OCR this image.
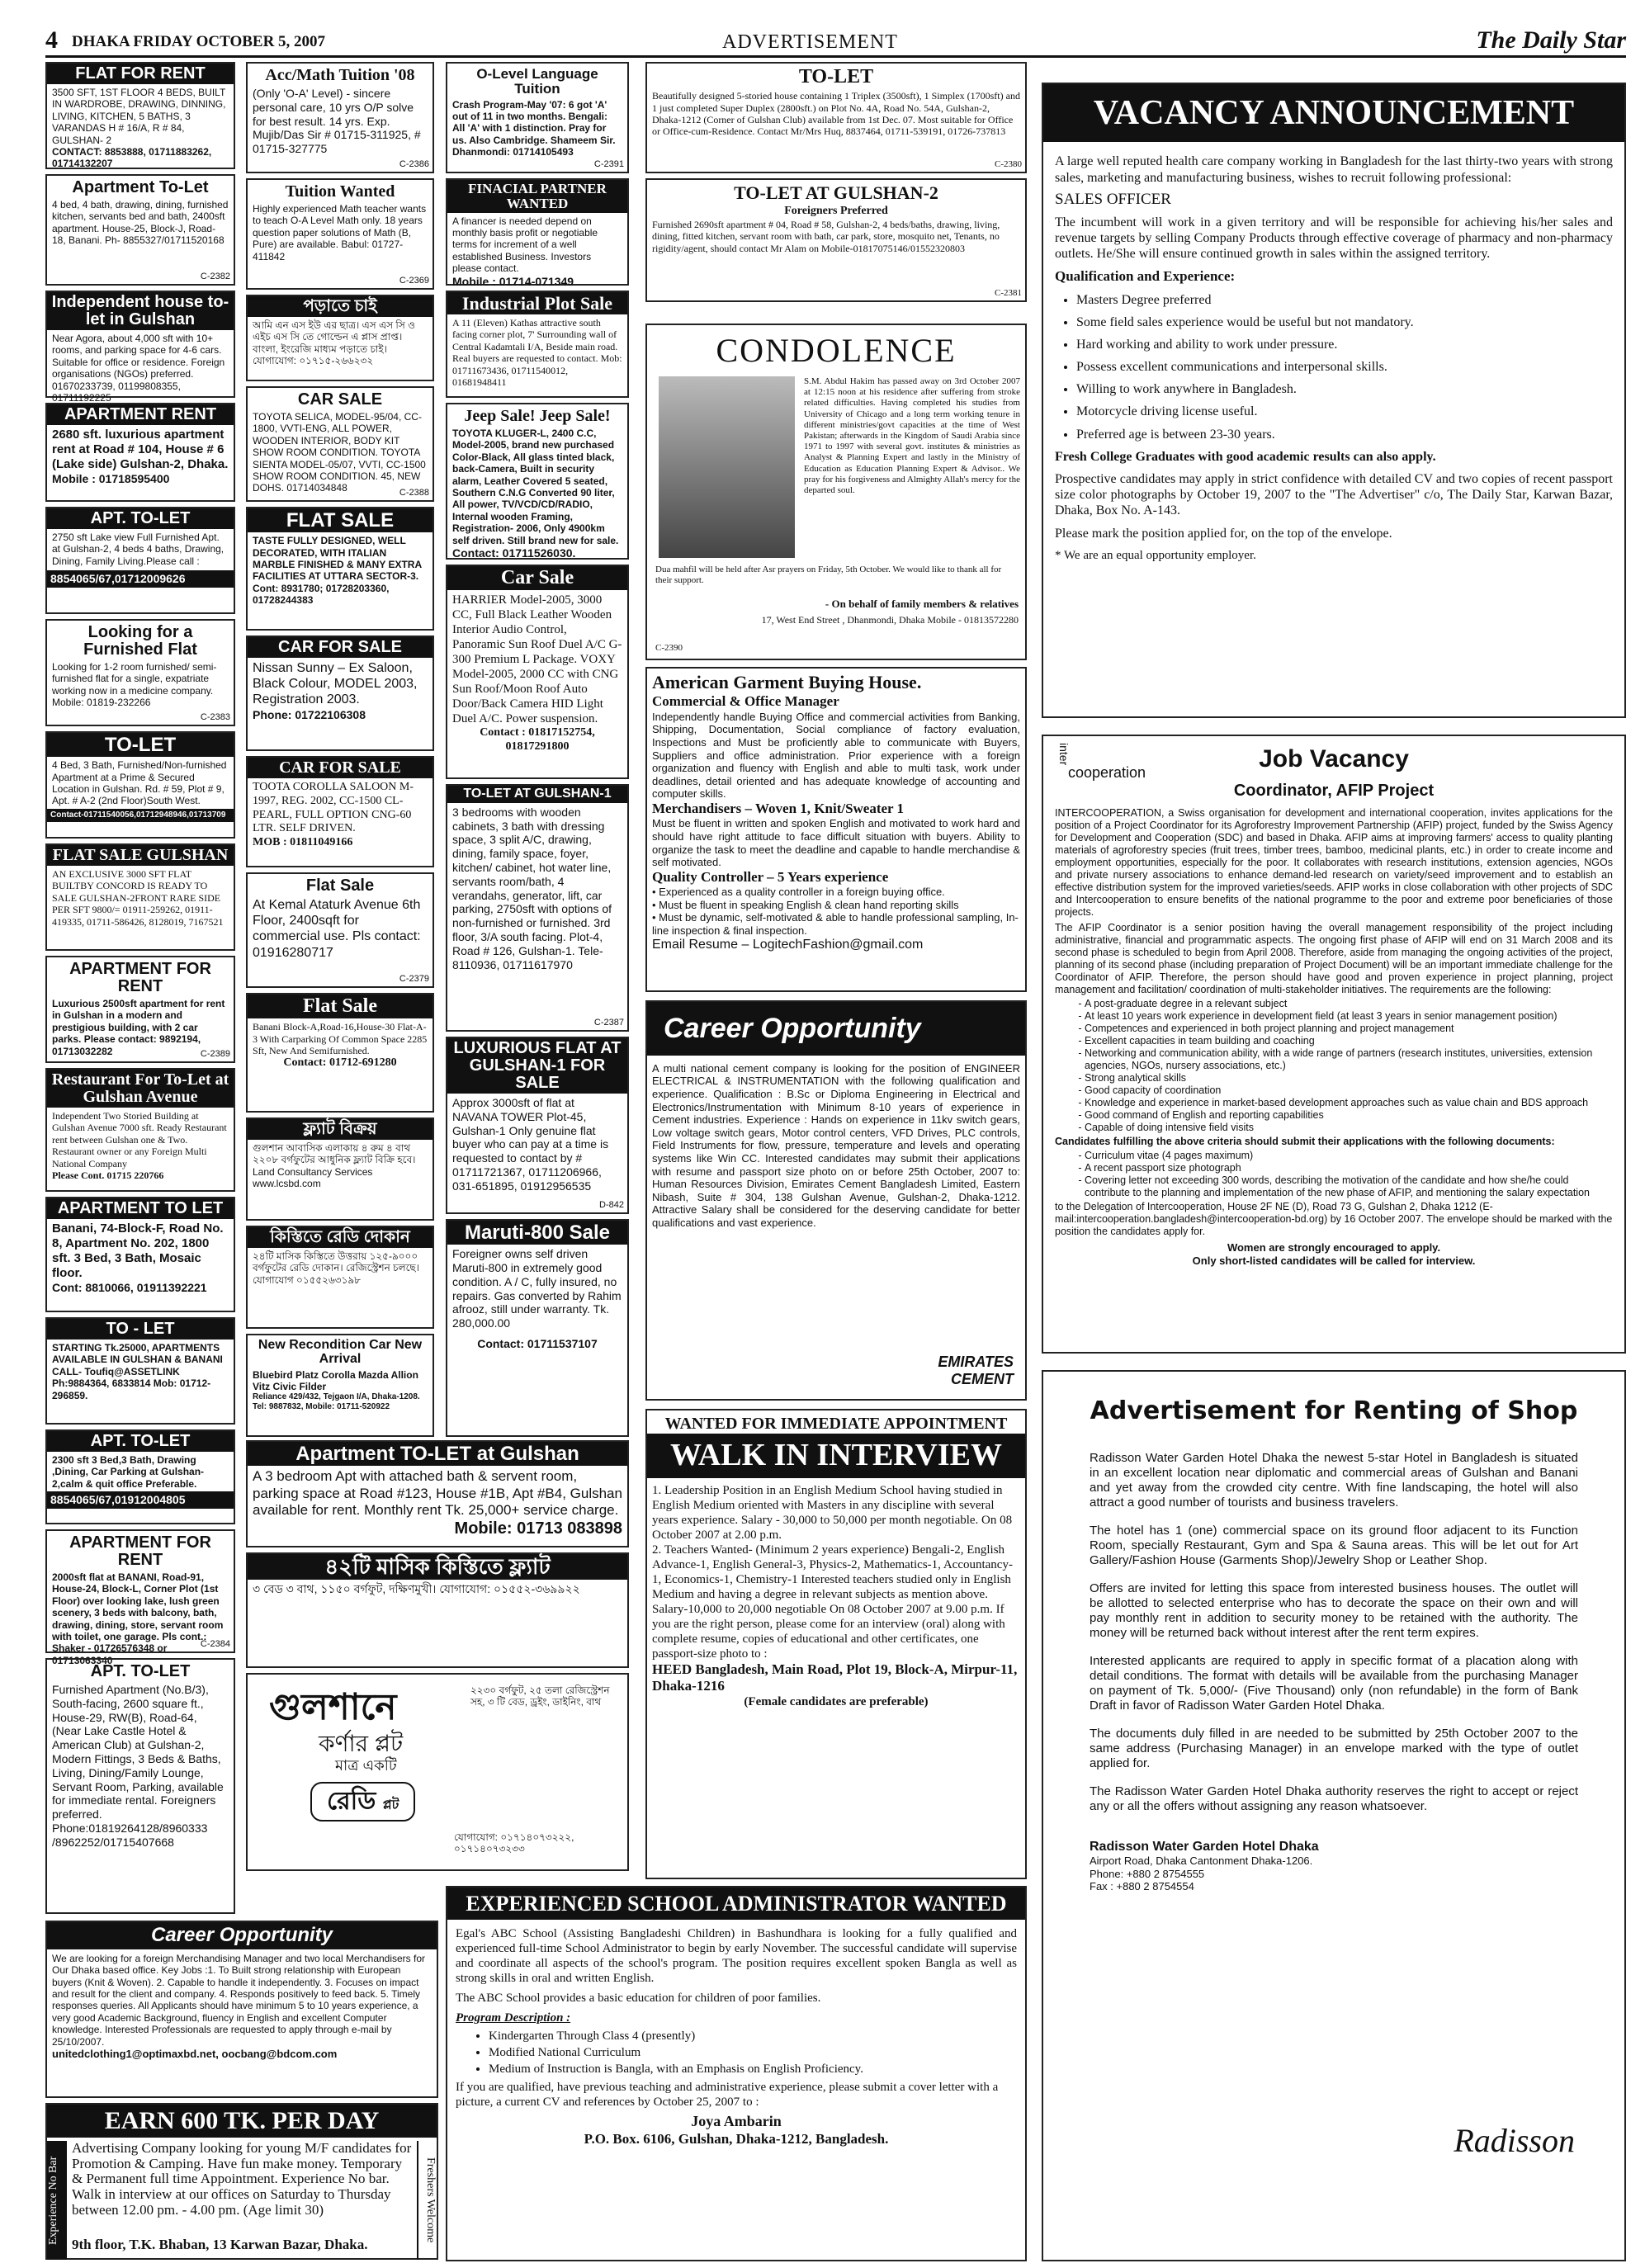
4 DHAKA FRIDAY OCTOBER 5, 2007	ADVERTISEMENT	The Daily Star
FLAT FOR RENT
3500 SFT, 1ST FLOOR 4 BEDS, BUILT IN WARDROBE, DRAWING, DINNING, LIVING, KITCHEN, 5 BATHS, 3 VARANDAS H # 16/A, R # 84, GULSHAN- 2
CONTACT: 8853888, 01711883262, 01714132207
Apartment To-Let
4 bed, 4 bath, drawing, dining, furnished kitchen, servants bed and bath, 2400sft apartment. House-25, Block-J, Road-18, Banani. Ph- 8855327/01711520168
C-2382
Independent house to-let in Gulshan
Near Agora, about 4,000 sft with 10+ rooms, and parking space for 4-6 cars. Suitable for office or residence. Foreign organisations (NGOs) preferred. 01670233739, 01199808355, 01711192225
APARTMENT RENT
2680 sft. luxurious apartment rent at Road # 104, House # 6 (Lake side) Gulshan-2, Dhaka.
Mobile : 01718595400
APT. TO-LET
2750 sft Lake view Full Furnished Apt. at Gulshan-2, 4 beds 4 baths, Drawing, Dining, Family Living.Please call :
8854065/67,01712009626
Looking for a Furnished Flat
Looking for 1-2 room furnished/ semi-furnished flat for a single, expatriate working now in a medicine company. Mobile: 01819-232266
C-2383
TO-LET
4 Bed, 3 Bath, Furnished/Non-furnished Apartment at a Prime & Secured Location in Gulshan. Rd. # 59, Plot # 9, Apt. # A-2 (2nd Floor)South West.
Contact-01711540056,01712948946,01713709
FLAT SALE GULSHAN
AN EXCLUSIVE 3000 SFT FLAT BUILTBY CONCORD IS READY TO SALE GULSHAN-2FRONT RARE SIDE PER SFT 9800/= 01911-259262, 01911-419335, 01711-586426, 8128019, 7167521
APARTMENT FOR RENT
Luxurious 2500sft apartment for rent in Gulshan in a modern and prestigious building, with 2 car parks. Please contact: 9892194, 01713032282	C-2389
Restaurant For To-Let at Gulshan Avenue
Independent Two Storied Building at Gulshan Avenue 7000 sft. Ready Restaurant rent between Gulshan one & Two. Restaurant owner or any Foreign Multi National Company
Please Cont. 01715 220766
APARTMENT TO LET
Banani, 74-Block-F, Road No. 8, Apartment No. 202, 1800 sft. 3 Bed, 3 Bath, Mosaic floor.
Cont: 8810066, 01911392221
TO - LET
STARTING Tk.25000, APARTMENTS AVAILABLE IN GULSHAN & BANANI CALL- Toufiq@ASSETLINK Ph:9884364, 6833814 Mob: 01712-296859.
APT. TO-LET
2300 sft 3 Bed,3 Bath, Drawing ,Dining, Car Parking at Gulshan-2,calm & quit office Preferable.
8854065/67,01912004805
APARTMENT FOR RENT
2000sft flat at BANANI, Road-91, House-24, Block-L, Corner Plot (1st Floor) over looking lake, lush green scenery, 3 beds with balcony, bath, drawing, dining, store, servant room with toilet, one garage. Pls cont.: Shaker - 01726576348 or 01713063340
C-2384
APT. TO-LET
Furnished Apartment (No.B/3), South-facing, 2600 square ft., House-29, RW(B), Road-64, (Near Lake Castle Hotel & American Club) at Gulshan-2, Modern Fittings, 3 Beds & Baths, Living, Dining/Family Lounge, Servant Room, Parking, available for immediate rental. Foreigners preferred. Phone:01819264128/8960333 /8962252/01715407668
Acc/Math Tuition '08
(Only 'O-A' Level) - sincere personal care, 10 yrs O/P solve for best result. 14 yrs. Exp. Mujib/Das Sir # 01715-311925, # 01715-327775
C-2386
Tuition Wanted
Highly experienced Math teacher wants to teach O-A Level Math only. 18 years question paper solutions of Math (B, Pure) are available. Babul: 01727-411842
C-2369
পড়াতে চাই
আমি এন এস ইউ এর ছাত্র। এস এস সি ও এইচ এস সি তে গোল্ডেন এ প্লাস প্রাপ্ত। বাংলা, ইংরেজি মাধ্যম পড়াতে চাই। যোগাযোগ: ০১৭১৫-২৬৬২৩২
CAR SALE
TOYOTA SELICA, MODEL-95/04, CC-1800, VVTI-ENG, ALL POWER, WOODEN INTERIOR, BODY KIT SHOW ROOM CONDITION. TOYOTA SIENTA MODEL-05/07, VVTI, CC-1500 SHOW ROOM CONDITION. 45, NEW DOHS. 01714034848	C-2388
FLAT SALE
TASTE FULLY DESIGNED, WELL DECORATED, WITH ITALIAN MARBLE FINISHED & MANY EXTRA FACILITIES AT UTTARA SECTOR-3.
Cont: 8931780; 01728203360, 01728244383
CAR FOR SALE
Nissan Sunny – Ex Saloon, Black Colour, MODEL 2003, Registration 2003.
Phone: 01722106308
CAR FOR SALE
TOOTA COROLLA SALOON M-1997, REG. 2002, CC-1500 CL-PEARL, FULL OPTION CNG-60 LTR. SELF DRIVEN.
MOB : 01811049166
Flat Sale
At Kemal Ataturk Avenue 6th Floor, 2400sqft for commercial use. Pls contact: 01916280717
C-2379
Flat Sale
Banani Block-A,Road-16,House-30 Flat-A-3 With Carparking Of Common Space 2285 Sft, New And Semifurnished.
Contact: 01712-691280
ফ্ল্যাট বিক্রয়
গুলশান আবাসিক এলাকায় ৪ রুম ৪ বাথ ২২০৮ বর্গফুটের আধুনিক ফ্ল্যাট বিক্রি হবে। Land Consultancy Services www.lcsbd.com
কিস্তিতে রেডি দোকান
২৪টি মাসিক কিস্তিতে উত্তরায় ১২৫-৯০০০ বর্গফুটের রেডি দোকান। রেজিস্ট্রেশন চলছে। যোগাযোগ ০১৫৫২৬৩১৯৮
New Recondition Car New Arrival
Bluebird Platz Corolla Mazda Allion Vitz Civic Filder
Reliance 429/432, Tejgaon I/A, Dhaka-1208. Tel: 9887832, Mobile: 01711-520922
O-Level Language Tuition
Crash Program-May '07: 6 got 'A' out of 11 in two months. Bengali: All 'A' with 1 distinction. Pray for us. Also Cambridge. Shameem Sir. Dhanmondi: 01714105493
C-2391
FINACIAL PARTNER WANTED
A financer is needed depend on monthly basis profit or negotiable terms for increment of a well established Business. Investors please contact.
Mobile : 01714-071349
Industrial Plot Sale
A 11 (Eleven) Kathas attractive south facing corner plot, 7' Surrounding wall of Central Kadamtali I/A, Beside main road. Real buyers are requested to contact. Mob: 01711673436, 01711540012, 01681948411
Jeep Sale! Jeep Sale!
TOYOTA KLUGER-L, 2400 C.C, Model-2005, brand new purchased Color-Black, All glass tinted black, back-Camera, Built in security alarm, Leather Covered 5 seated, Southern C.N.G Converted 90 liter, All power, TV/VCD/CD/RADIO, Internal wooden Framing, Registration- 2006, Only 4900km self driven. Still brand new for sale.
Contact: 01711526030.
Car Sale
HARRIER Model-2005, 3000 CC, Full Black Leather Wooden Interior Audio Control, Panoramic Sun Roof Duel A/C G-300 Premium L Package. VOXY Model-2005, 2000 CC with CNG Sun Roof/Moon Roof Auto Door/Back Camera HID Light Duel A/C. Power suspension.
Contact : 01817152754, 01817291800
TO-LET AT GULSHAN-1
3 bedrooms with wooden cabinets, 3 bath with dressing space, 3 split A/C, drawing, dining, family space, foyer, kitchen/ cabinet, hot water line, servants room/bath, 4 verandahs, generator, lift, car parking, 2750sft with options of non-furnished or furnished. 3rd floor, 3/A south facing. Plot-4, Road # 126, Gulshan-1. Tele-8110936, 01711617970
C-2387
LUXURIOUS FLAT AT GULSHAN-1 FOR SALE
Approx 3000sft of flat at NAVANA TOWER Plot-45, Gulshan-1 Only genuine flat buyer who can pay at a time is requested to contact by # 01711721367, 01711206966, 031-651895, 01912956535
D-842
Maruti-800 Sale
Foreigner owns self driven Maruti-800 in extremely good condition. A / C, fully insured, no repairs. Gas converted by Rahim afrooz, still under warranty. Tk. 280,000.00
Contact: 01711537107
Apartment TO-LET at Gulshan
A 3 bedroom Apt with attached bath & servent room, parking space at Road #123, House #1B, Apt #B4, Gulshan available for rent. Monthly rent Tk. 25,000+ service charge.
Mobile: 01713 083898
৪২টি মাসিক কিস্তিতে ফ্ল্যাট
৩ বেড ৩ বাথ, ১১৫০ বর্গফুট, দক্ষিণমুখী। যোগাযোগ: ০১৫৫২-৩৬৯৯২২
গুলশানে
কর্ণার প্লট
মাত্র একটি
রেডি প্লট
২২৩০ বর্গফুট, ২৫ তলা রেজিস্ট্রেশন সহ, ৩ টি বেড, ড্রইং, ডাইনিং, বাথ
যোগাযোগ: ০১৭১৪০৭৩২২২, ০১৭১৪০৭৩২৩৩
TO-LET
Beautifully designed 5-storied house containing 1 Triplex (3500sft), 1 Simplex (1700sft) and 1 just completed Super Duplex (2800sft.) on Plot No. 4A, Road No. 54A, Gulshan-2, Dhaka-1212 (Corner of Gulshan Club) available from 1st Dec. 07. Most suitable for Office or Office-cum-Residence. Contact Mr/Mrs Huq, 8837464, 01711-539191, 01726-737813
C-2380
TO-LET AT GULSHAN-2
Foreigners Preferred
Furnished 2690sft apartment # 04, Road # 58, Gulshan-2, 4 beds/baths, drawing, living, dining, fitted kitchen, servant room with bath, car park, store, mosquito net, Tenants, no rigidity/agent, should contact Mr Alam on Mobile-01817075146/01552320803
C-2381
CONDOLENCE
S.M. Abdul Hakim has passed away on 3rd October 2007 at 12:15 noon at his residence after suffering from stroke related difficulties. Having completed his studies from University of Chicago and a long term working tenure in different ministries/govt capacities at the time of West Pakistan; afterwards in the Kingdom of Saudi Arabia since 1971 to 1997 with several govt. institutes & ministries as Analyst & Planning Expert and lastly in the Ministry of Education as Education Planning Expert & Advisor.. We pray for his forgiveness and Almighty Allah's mercy for the departed soul.
Dua mahfil will be held after Asr prayers on Friday, 5th October. We would like to thank all for their support.
- On behalf of family members & relatives
17, West End Street , Dhanmondi, Dhaka Mobile - 01813572280
C-2390
American Garment Buying House.
Commercial & Office Manager
Independently handle Buying Office and commercial activities from Banking, Shipping, Documentation, Social compliance of factory evaluation, Inspections and Must be proficiently able to communicate with Buyers, Suppliers and office administration. Prior experience with a foreign organization and fluency with English and able to multi task, work under deadlines, detail oriented and has adequate knowledge of accounting and computer skills.
Merchandisers – Woven 1, Knit/Sweater 1
Must be fluent in written and spoken English and motivated to work hard and should have right attitude to face difficult situation with buyers. Ability to organize the task to meet the deadline and capable to handle merchandise & self motivated.
Quality Controller – 5 Years experience
• Experienced as a quality controller in a foreign buying office.
• Must be fluent in speaking English & clean hand reporting skills
• Must be dynamic, self-motivated & able to handle professional sampling, In-line inspection & final inspection.
Email Resume – LogitechFashion@gmail.com
Career Opportunity
A multi national cement company is looking for the position of ENGINEER ELECTRICAL & INSTRUMENTATION with the following qualification and experience. Qualification : B.Sc or Diploma Engineering in Electrical and Electronics/Instrumentation with Minimum 8-10 years of experience in Cement industries. Experience : Hands on experience in 11kv switch gears, Low voltage switch gears, Motor control centers, VFD Drives, PLC controls, Field Instruments for flow, pressure, temperature and levels and operating systems like Win CC. Interested candidates may submit their applications with resume and passport size photo on or before 25th October, 2007 to: Human Resources Division, Emirates Cement Bangladesh Limited, Eastern Nibash, Suite # 304, 138 Gulshan Avenue, Gulshan-2, Dhaka-1212. Attractive Salary shall be considered for the deserving candidate for better qualifications and vast experience.
EMIRATES CEMENT
WANTED FOR IMMEDIATE APPOINTMENT
WALK IN INTERVIEW
1. Leadership Position in an English Medium School having studied in English Medium oriented with Masters in any discipline with several years experience. Salary - 30,000 to 50,000 per month negotiable. On 08 October 2007 at 2.00 p.m.
2. Teachers Wanted- (Minimum 2 years experience) Bengali-2, English Advance-1, English General-3, Physics-2, Mathematics-1, Accountancy-1, Economics-1, Chemistry-1 Interested teachers studied only in English Medium and having a degree in relevant subjects as mention above. Salary-10,000 to 20,000 negotiable On 08 October 2007 at 9.00 p.m. If you are the right person, please come for an interview (oral) along with complete resume, copies of educational and other certificates, one passport-size photo to :
HEED Bangladesh, Main Road, Plot 19, Block-A, Mirpur-11, Dhaka-1216
(Female candidates are preferable)
VACANCY ANNOUNCEMENT
A large well reputed health care company working in Bangladesh for the last thirty-two years with strong sales, marketing and manufacturing business, wishes to recruit following professional:
SALES OFFICER
The incumbent will work in a given territory and will be responsible for achieving his/her sales and revenue targets by selling Company Products through effective coverage of pharmacy and non-pharmacy outlets. He/She will ensure continued growth in sales within the assigned territory.
Qualification and Experience:
• Masters Degree preferred
• Some field sales experience would be useful but not mandatory.
• Hard working and ability to work under pressure.
• Possess excellent communications and interpersonal skills.
• Willing to work anywhere in Bangladesh.
• Motorcycle driving license useful.
• Preferred age is between 23-30 years.
Fresh College Graduates with good academic results can also apply.
Prospective candidates may apply in strict confidence with detailed CV and two copies of recent passport size color photographs by October 19, 2007 to the "The Advertiser" c/o, The Daily Star, Karwan Bazar, Dhaka, Box No. A-143.
Please mark the position applied for, on the top of the envelope.
* We are an equal opportunity employer.
inter
cooperation	Job Vacancy
Coordinator, AFIP Project
INTERCOOPERATION, a Swiss organisation for development and international cooperation, invites applications for the position of a Project Coordinator for its Agroforestry Improvement Partnership (AFIP) project, funded by the Swiss Agency for Development and Cooperation (SDC) and based in Dhaka. AFIP aims at improving farmers' access to quality planting materials of agroforestry species (fruit trees, timber trees, bamboo, medicinal plants, etc.) in order to create income and employment opportunities, especially for the poor. It collaborates with research institutions, extension agencies, NGOs and private nursery associations to enhance demand-led research on variety/seed improvement and to establish an effective distribution system for the improved varieties/seeds. AFIP works in close collaboration with other projects of SDC and Intercooperation to ensure benefits of the national programme to the poor and extreme poor beneficiaries of those projects.
The AFIP Coordinator is a senior position having the overall management responsibility of the project including administrative, financial and programmatic aspects. The ongoing first phase of AFIP will end on 31 March 2008 and its second phase is scheduled to begin from April 2008. Therefore, aside from managing the ongoing activities of the project, planning of its second phase (including preparation of Project Document) will be an important immediate challenge for the Coordinator of AFIP. Therefore, the person should have good and proven experience in project planning, project management and facilitation/ coordination of multi-stakeholder initiatives. The requirements are the following:
- A post-graduate degree in a relevant subject
- At least 10 years work experience in development field (at least 3 years in senior management position)
- Competences and experienced in both project planning and project management
- Excellent capacities in team building and coaching
- Networking and communication ability, with a wide range of partners (research institutes, universities, extension agencies, NGOs, nursery associations, etc.)
- Strong analytical skills
- Good capacity of coordination
- Knowledge and experience in market-based development approaches such as value chain and BDS approach
- Good command of English and reporting capabilities
- Capable of doing intensive field visits
Candidates fulfilling the above criteria should submit their applications with the following documents:
- Curriculum vitae (4 pages maximum)
- A recent passport size photograph
- Covering letter not exceeding 300 words, describing the motivation of the candidate and how she/he could contribute to the planning and implementation of the new phase of AFIP, and mentioning the salary expectation
to the Delegation of Intercooperation, House 2F NE (D), Road 73 G, Gulshan 2, Dhaka 1212 (E-mail:intercooperation.bangladesh@intercooperation-bd.org) by 16 October 2007. The envelope should be marked with the position the candidates apply for.
Women are strongly encouraged to apply.
Only short-listed candidates will be called for interview.
Advertisement for Renting of Shop
Radisson Water Garden Hotel Dhaka the newest 5-star Hotel in Bangladesh is situated in an excellent location near diplomatic and commercial areas of Gulshan and Banani and yet away from the crowded city centre. With fine landscaping, the hotel will also attract a good number of tourists and business travelers.
The hotel has 1 (one) commercial space on its ground floor adjacent to its Function Room, specially Restaurant, Gym and Spa & Sauna areas. This will be let out for Art Gallery/Fashion House (Garments Shop)/Jewelry Shop or Leather Shop.
Offers are invited for letting this space from interested business houses. The outlet will be allotted to selected enterprise who has to decorate the space on their own and will pay monthly rent in addition to security money to be retained with the authority. The money will be returned back without interest after the rent term expires.
Interested applicants are required to apply in specific format of a placation along with detail conditions. The format with details will be available from the purchasing Manager on payment of Tk. 5,000/- (Five Thousand) only (non refundable) in the form of Bank Draft in favor of Radisson Water Garden Hotel Dhaka.
The documents duly filled in are needed to be submitted by 25th October 2007 to the same address (Purchasing Manager) in an envelope marked with the type of outlet applied for.
The Radisson Water Garden Hotel Dhaka authority reserves the right to accept or reject any or all the offers without assigning any reason whatsoever.
Radisson Water Garden Hotel Dhaka
Airport Road, Dhaka Cantonment Dhaka-1206.
Phone: +880 2 8754555
Fax : +880 2 8754554
Radisson
Career Opportunity
We are looking for a foreign Merchandising Manager and two local Merchandisers for Our Dhaka based office. Key Jobs :1. To Built strong relationship with European buyers (Knit & Woven). 2. Capable to handle it independently. 3. Focuses on impact and result for the client and company. 4. Responds positively to feed back. 5. Timely responses queries. All Applicants should have minimum 5 to 10 years experience, a very good Academic Background, fluency in English and excellent Computer knowledge. Interested Professionals are requested to apply through e-mail by 25/10/2007.
unitedclothing1@optimaxbd.net, oocbang@bdcom.com
EARN 600 TK. PER DAY
Experience No Bar	Freshers Welcome
Advertising Company looking for young M/F candidates for Promotion & Camping. Have fun make money. Temporary & Permanent full time Appointment. Experience No bar. Walk in interview at our offices on Saturday to Thursday between 12.00 pm. - 4.00 pm. (Age limit 30)
9th floor, T.K. Bhaban, 13 Karwan Bazar, Dhaka.
EXPERIENCED SCHOOL ADMINISTRATOR WANTED
Egal's ABC School (Assisting Bangladeshi Children) in Bashundhara is looking for a fully qualified and experienced full-time School Administrator to begin by early November. The successful candidate will supervise and coordinate all aspects of the school's program. The position requires excellent spoken Bangla as well as strong skills in oral and written English.
The ABC School provides a basic education for children of poor families.
Program Description :
• Kindergarten Through Class 4 (presently)
• Modified National Curriculum
• Medium of Instruction is Bangla, with an Emphasis on English Proficiency.
If you are qualified, have previous teaching and administrative experience, please submit a cover letter with a picture, a current CV and references by October 25, 2007 to :
Joya Ambarin
P.O. Box. 6106, Gulshan, Dhaka-1212, Bangladesh.
